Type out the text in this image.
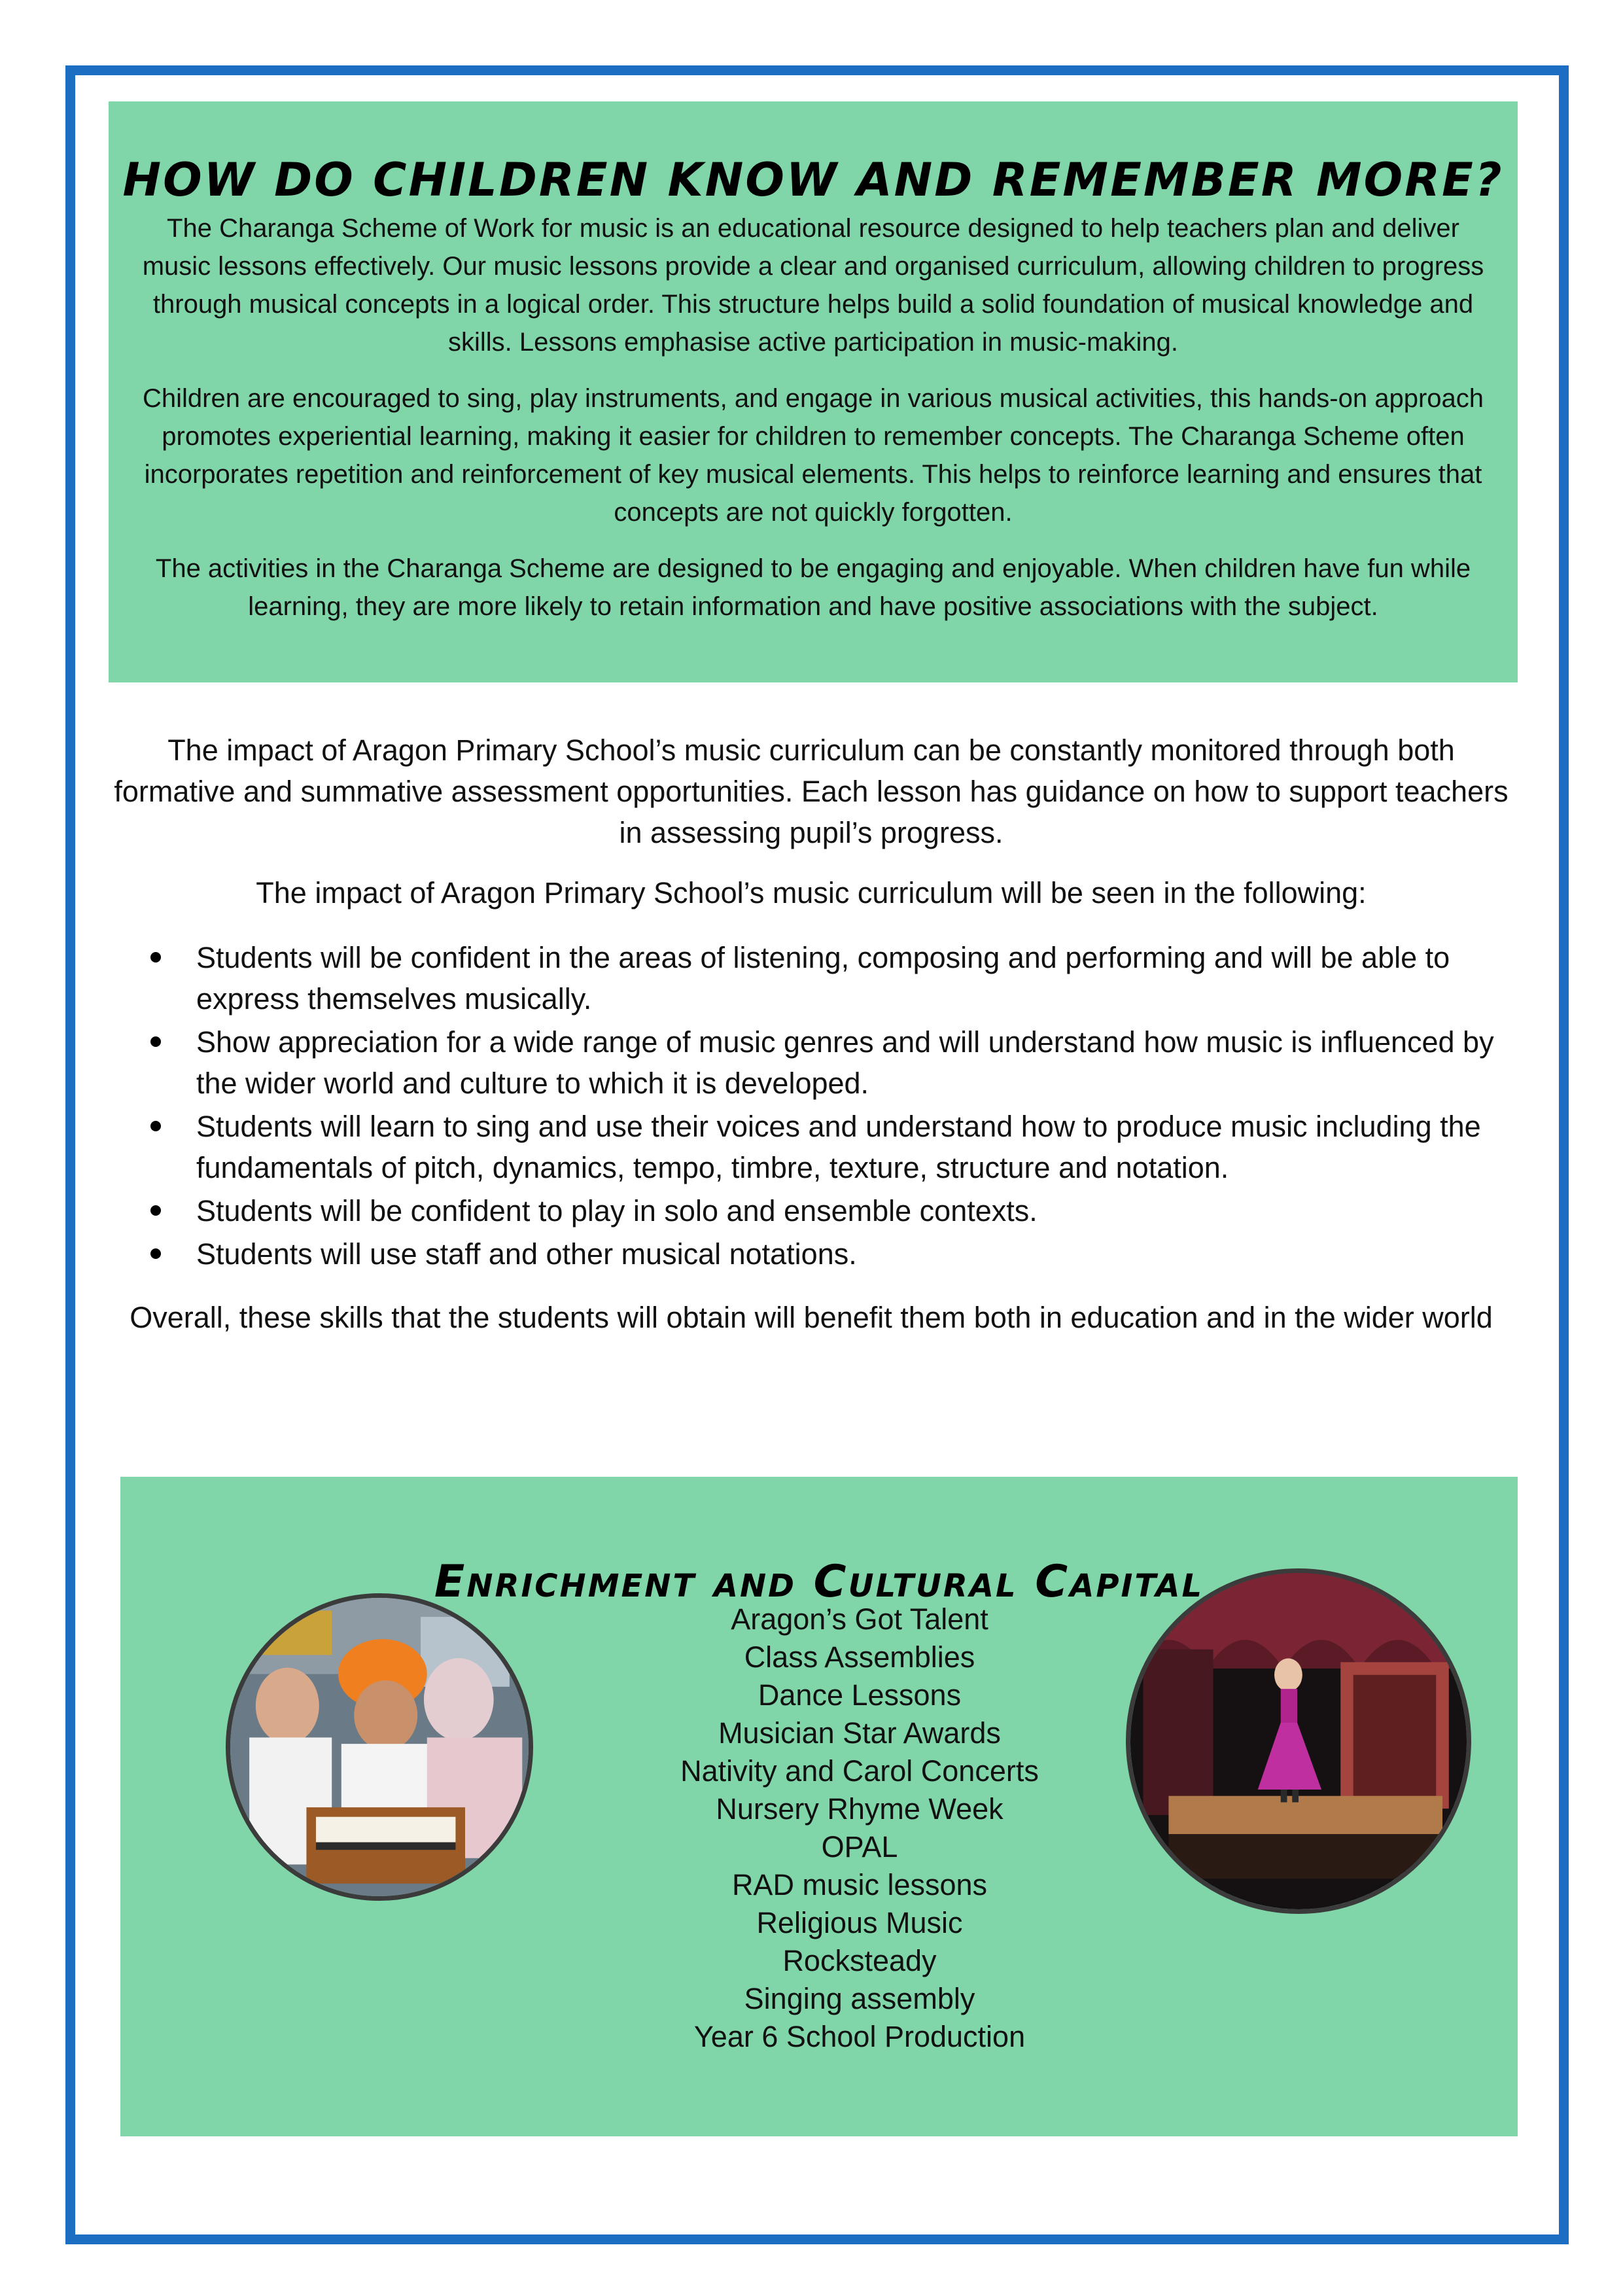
HOW DO CHILDREN KNOW AND REMEMBER MORE?

The Charanga Scheme of Work for music is an educational resource designed to help teachers plan and deliver music lessons effectively. Our music lessons provide a clear and organised curriculum, allowing children to progress through musical concepts in a logical order. This structure helps build a solid foundation of musical knowledge and skills. Lessons emphasise active participation in music-making.

Children are encouraged to sing, play instruments, and engage in various musical activities, this hands-on approach promotes experiential learning, making it easier for children to remember concepts. The Charanga Scheme often incorporates repetition and reinforcement of key musical elements. This helps to reinforce learning and ensures that concepts are not quickly forgotten.

The activities in the Charanga Scheme are designed to be engaging and enjoyable. When children have fun while learning, they are more likely to retain information and have positive associations with the subject.

The impact of Aragon Primary School’s music curriculum can be constantly monitored through both formative and summative assessment opportunities. Each lesson has guidance on how to support teachers in assessing pupil’s progress.

The impact of Aragon Primary School’s music curriculum will be seen in the following:

Students will be confident in the areas of listening, composing and performing and will be able to express themselves musically.
Show appreciation for a wide range of music genres and will understand how music is influenced by the wider world and culture to which it is developed.
Students will learn to sing and use their voices and understand how to produce music including the fundamentals of pitch, dynamics, tempo, timbre, texture, structure and notation.
Students will be confident to play in solo and ensemble contexts.
Students will use staff and other musical notations.

Overall, these skills that the students will obtain will benefit them both in education and in the wider world

Enrichment and Cultural Capital
Aragon’s Got Talent
Class Assemblies
Dance Lessons
Musician Star Awards
Nativity and Carol Concerts
Nursery Rhyme Week
OPAL
RAD music lessons
Religious Music
Rocksteady
Singing assembly
Year 6 School Production
